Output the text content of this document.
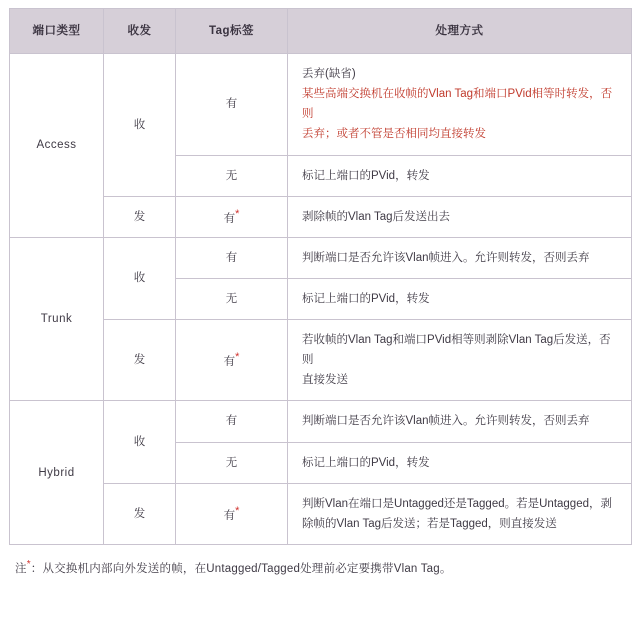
端口类型	收发	Tag标签	处理方式
Access	收	有	丢弃(缺省)
某些高端交换机在收帧的Vlan Tag和端口PVid相等时转发，否则
丢弃；或者不管是否相同均直接转发

		无	标记上端口的PVid，转发

	发	有*	剥除帧的Vlan Tag后发送出去

Trunk	收	有	判断端口是否允许该Vlan帧进入。允许则转发，否则丢弃

		无	标记上端口的PVid，转发

	发	有*	若收帧的Vlan Tag和端口PVid相等则剥除Vlan Tag后发送，否则
直接发送

Hybrid	收	有	判断端口是否允许该Vlan帧进入。允许则转发，否则丢弃

		无	标记上端口的PVid，转发

	发	有*	判断Vlan在端口是Untagged还是Tagged。若是Untagged，剥
除帧的Vlan Tag后发送；若是Tagged，则直接发送
注*：从交换机内部向外发送的帧，在Untagged/Tagged处理前必定要携带Vlan Tag。
